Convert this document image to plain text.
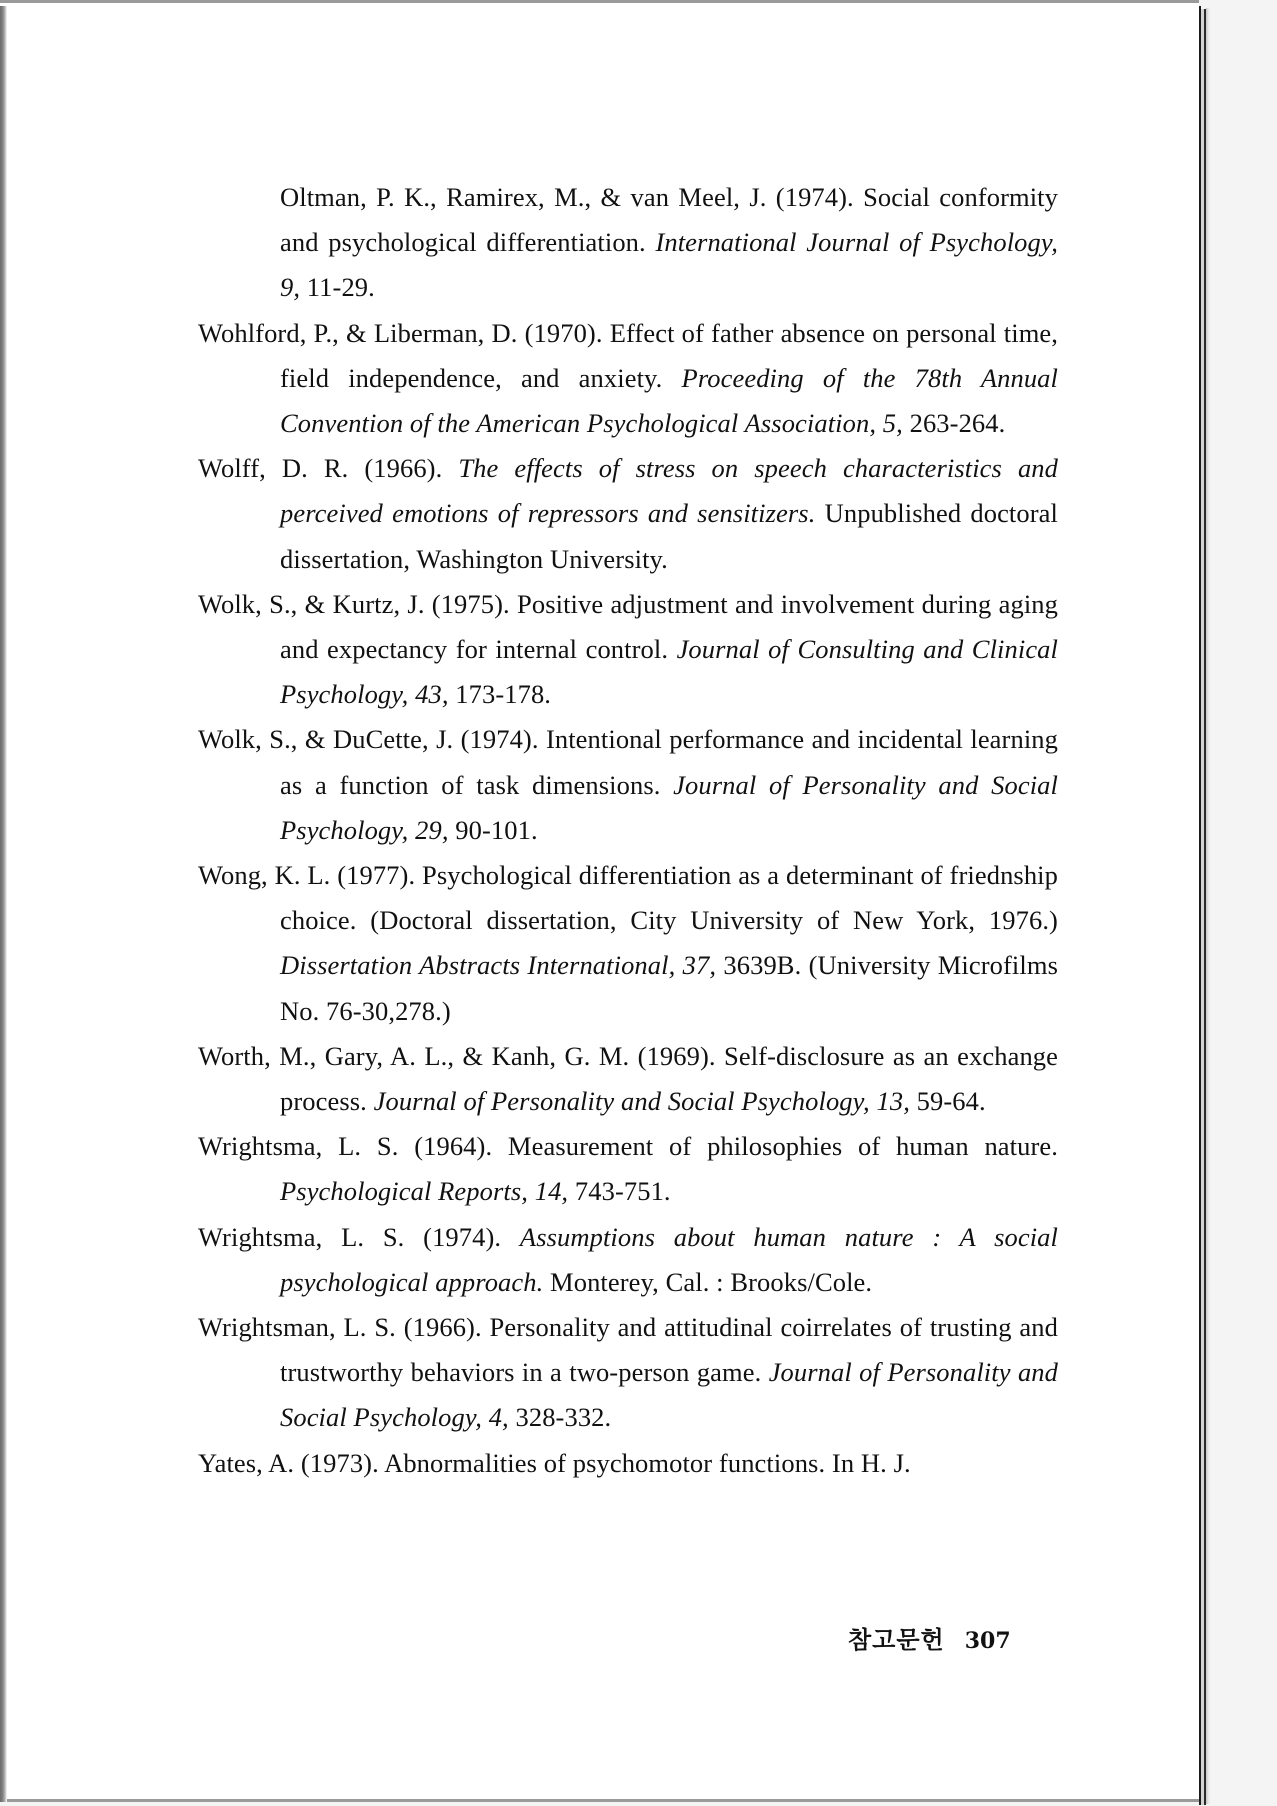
Oltman, P. K., Ramirex, M., & van Meel, J. (1974). Social conformity and psychological differentiation. International Journal of Psychology, 9, 11-29.

Wohlford, P., & Liberman, D. (1970). Effect of father absence on personal time, field independence, and anxiety. Proceeding of the 78th Annual Convention of the American Psychological Association, 5, 263-264.

Wolff, D. R. (1966). The effects of stress on speech characteristics and perceived emotions of repressors and sensitizers. Unpublished doctoral dissertation, Washington University.

Wolk, S., & Kurtz, J. (1975). Positive adjustment and involvement during aging and expectancy for internal control. Journal of Consulting and Clinical Psychology, 43, 173-178.

Wolk, S., & DuCette, J. (1974). Intentional performance and incidental learning as a function of task dimensions. Journal of Personality and Social Psychology, 29, 90-101.

Wong, K. L. (1977). Psychological differentiation as a determinant of friednship choice. (Doctoral dissertation, City University of New York, 1976.) Dissertation Abstracts International, 37, 3639B. (University Microfilms No. 76-30,278.)

Worth, M., Gary, A. L., & Kanh, G. M. (1969). Self-disclosure as an exchange process. Journal of Personality and Social Psychology, 13, 59-64.

Wrightsma, L. S. (1964). Measurement of philosophies of human nature. Psychological Reports, 14, 743-751.

Wrightsma, L. S. (1974). Assumptions about human nature : A social psychological approach. Monterey, Cal. : Brooks/Cole.

Wrightsman, L. S. (1966). Personality and attitudinal coirrelates of trusting and trustworthy behaviors in a two-person game. Journal of Personality and Social Psychology, 4, 328-332.

Yates, A. (1973). Abnormalities of psychomotor functions. In H. J.

참고문헌 307
